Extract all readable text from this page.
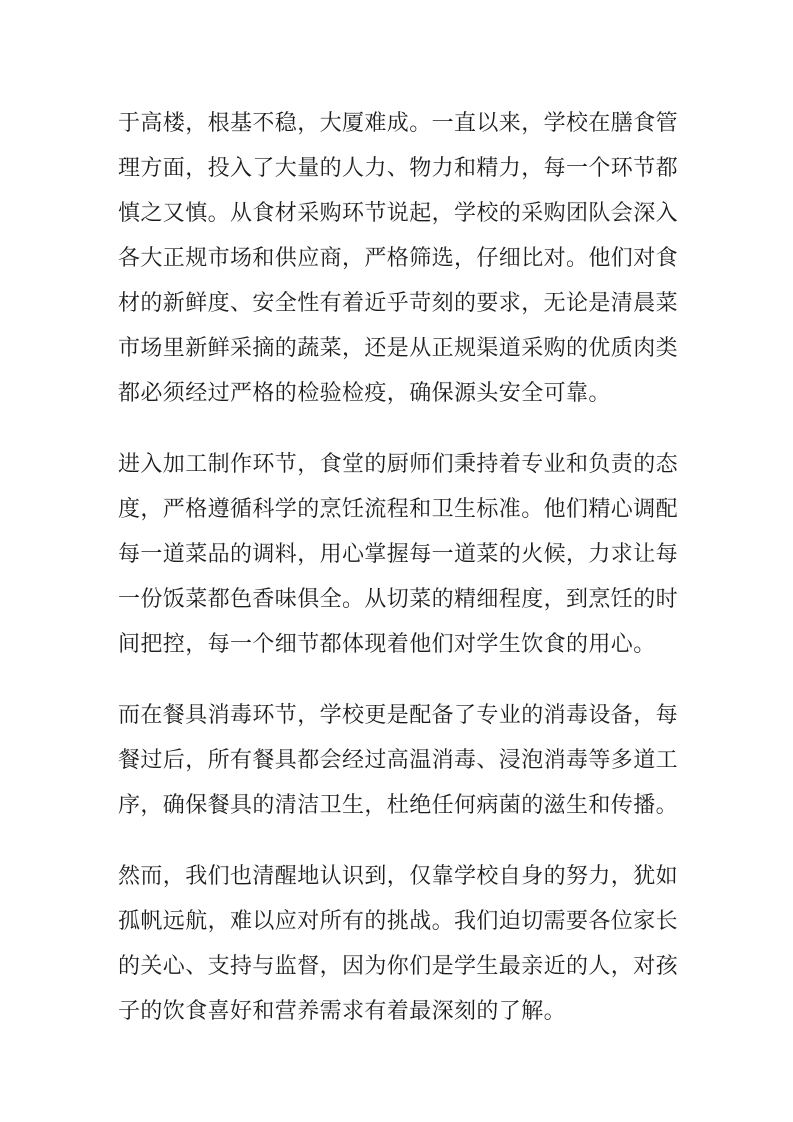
于高楼，根基不稳，大厦难成。一直以来，学校在膳食管理方面，投入了大量的人力、物力和精力，每一个环节都慎之又慎。从食材采购环节说起，学校的采购团队会深入各大正规市场和供应商，严格筛选，仔细比对。他们对食材的新鲜度、安全性有着近乎苛刻的要求，无论是清晨菜市场里新鲜采摘的蔬菜，还是从正规渠道采购的优质肉类都必须经过严格的检验检疫，确保源头安全可靠。

进入加工制作环节，食堂的厨师们秉持着专业和负责的态度，严格遵循科学的烹饪流程和卫生标准。他们精心调配每一道菜品的调料，用心掌握每一道菜的火候，力求让每一份饭菜都色香味俱全。从切菜的精细程度，到烹饪的时间把控，每一个细节都体现着他们对学生饮食的用心。

而在餐具消毒环节，学校更是配备了专业的消毒设备，每餐过后，所有餐具都会经过高温消毒、浸泡消毒等多道工序，确保餐具的清洁卫生，杜绝任何病菌的滋生和传播。

然而，我们也清醒地认识到，仅靠学校自身的努力，犹如孤帆远航，难以应对所有的挑战。我们迫切需要各位家长的关心、支持与监督，因为你们是学生最亲近的人，对孩子的饮食喜好和营养需求有着最深刻的了解。
